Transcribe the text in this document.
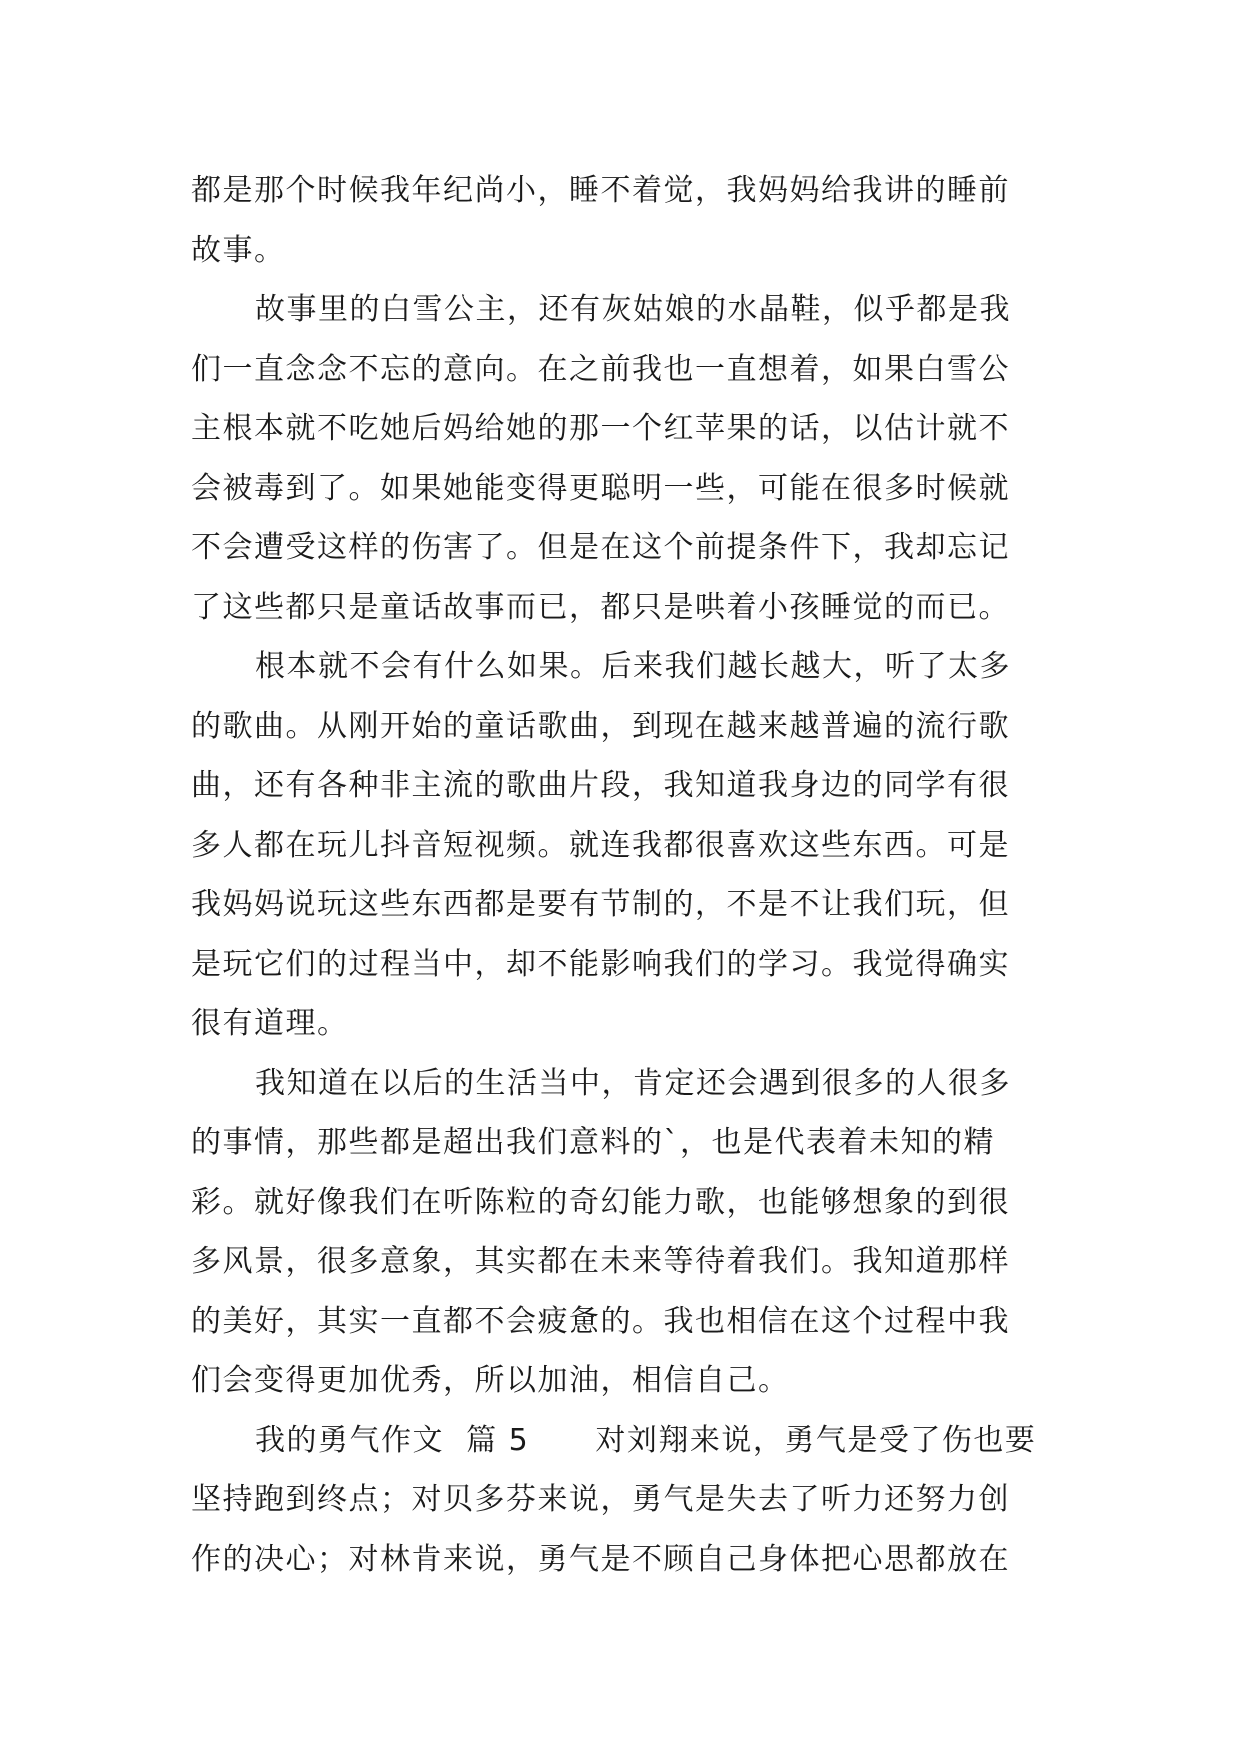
都是那个时候我年纪尚小，睡不着觉，我妈妈给我讲的睡前
故事。
故事里的白雪公主，还有灰姑娘的水晶鞋，似乎都是我
们一直念念不忘的意向。在之前我也一直想着，如果白雪公
主根本就不吃她后妈给她的那一个红苹果的话，以估计就不
会被毒到了。如果她能变得更聪明一些，可能在很多时候就
不会遭受这样的伤害了。但是在这个前提条件下，我却忘记
了这些都只是童话故事而已，都只是哄着小孩睡觉的而已。
根本就不会有什么如果。后来我们越长越大，听了太多
的歌曲。从刚开始的童话歌曲，到现在越来越普遍的流行歌
曲，还有各种非主流的歌曲片段，我知道我身边的同学有很
多人都在玩儿抖音短视频。就连我都很喜欢这些东西。可是
我妈妈说玩这些东西都是要有节制的，不是不让我们玩，但
是玩它们的过程当中，却不能影响我们的学习。我觉得确实
很有道理。
我知道在以后的生活当中，肯定还会遇到很多的人很多
的事情，那些都是超出我们意料的`，也是代表着未知的精
彩。就好像我们在听陈粒的奇幻能力歌，也能够想象的到很
多风景，很多意象，其实都在未来等待着我们。我知道那样
的美好，其实一直都不会疲惫的。我也相信在这个过程中我
们会变得更加优秀，所以加油，相信自己。
我的勇气作文  篇 5      对刘翔来说，勇气是受了伤也要
坚持跑到终点；对贝多芬来说，勇气是失去了听力还努力创
作的决心；对林肯来说，勇气是不顾自己身体把心思都放在
